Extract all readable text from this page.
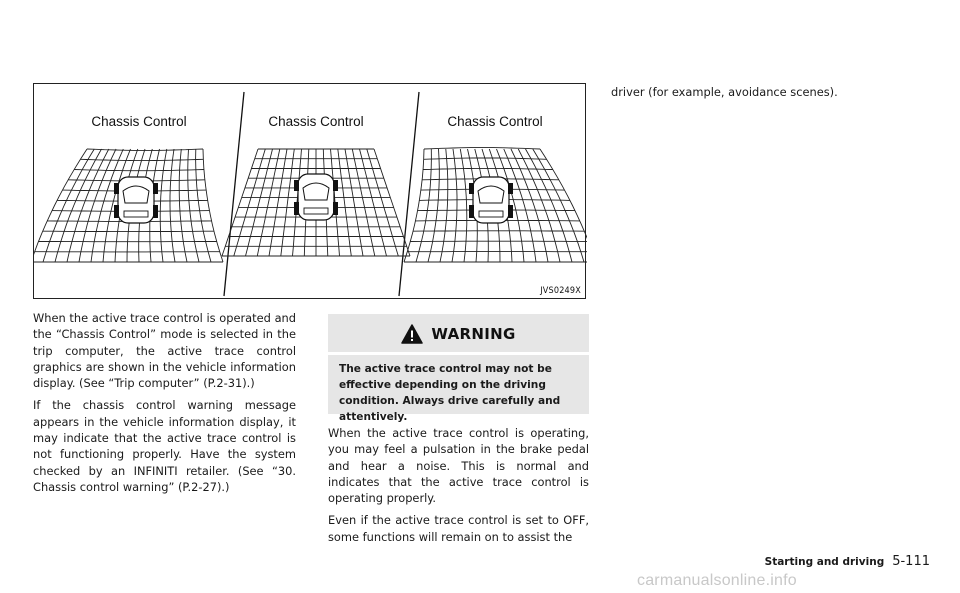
Chassis Control	Chassis Control	Chassis Control
JVS0249X

When the active trace control is operated and the “Chassis Control” mode is selected in the trip computer, the active trace control graphics are shown in the vehicle information display. (See “Trip computer” (P.2-31).)

If the chassis control warning message appears in the vehicle information display, it may indicate that the active trace control is not functioning properly. Have the system checked by an INFINITI retailer. (See “30. Chassis control warning” (P.2-27).)

WARNING

The active trace control may not be effective depending on the driving condition. Always drive carefully and attentively.

When the active trace control is operating, you may feel a pulsation in the brake pedal and hear a noise. This is normal and indicates that the active trace control is operating properly.

Even if the active trace control is set to OFF, some functions will remain on to assist the

driver (for example, avoidance scenes).

Starting and driving 5-111
carmanualsonline.info
